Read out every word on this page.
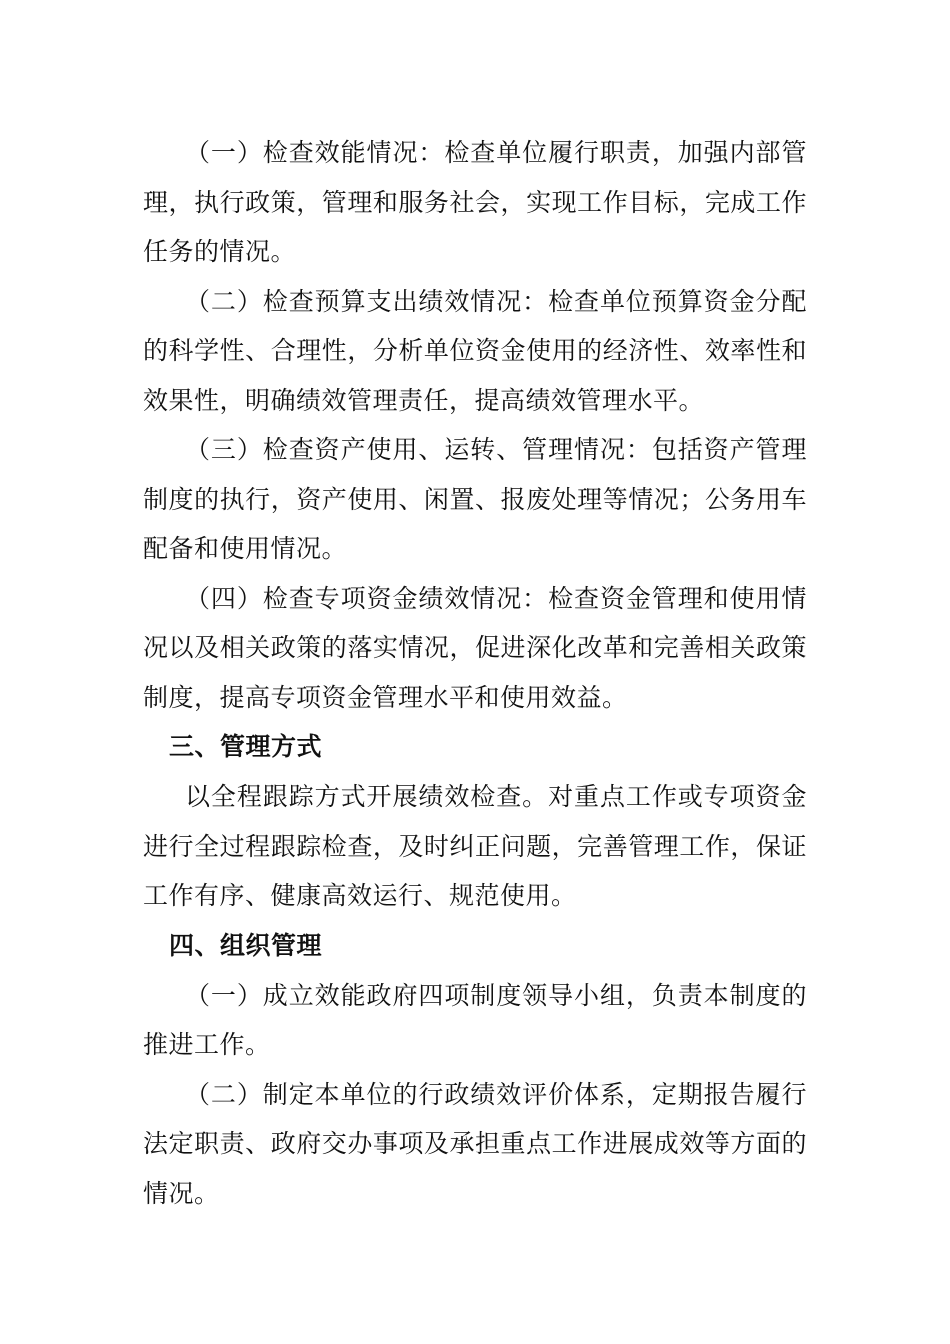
（一）检查效能情况：检查单位履行职责，加强内部管理，执行政策，管理和服务社会，实现工作目标，完成工作任务的情况。

（二）检查预算支出绩效情况：检查单位预算资金分配的科学性、合理性，分析单位资金使用的经济性、效率性和效果性，明确绩效管理责任，提高绩效管理水平。

（三）检查资产使用、运转、管理情况：包括资产管理制度的执行，资产使用、闲置、报废处理等情况；公务用车配备和使用情况。

（四）检查专项资金绩效情况：检查资金管理和使用情况以及相关政策的落实情况，促进深化改革和完善相关政策制度，提高专项资金管理水平和使用效益。

三、管理方式

以全程跟踪方式开展绩效检查。对重点工作或专项资金进行全过程跟踪检查，及时纠正问题，完善管理工作，保证工作有序、健康高效运行、规范使用。

四、组织管理

（一）成立效能政府四项制度领导小组，负责本制度的推进工作。

（二）制定本单位的行政绩效评价体系，定期报告履行法定职责、政府交办事项及承担重点工作进展成效等方面的情况。
